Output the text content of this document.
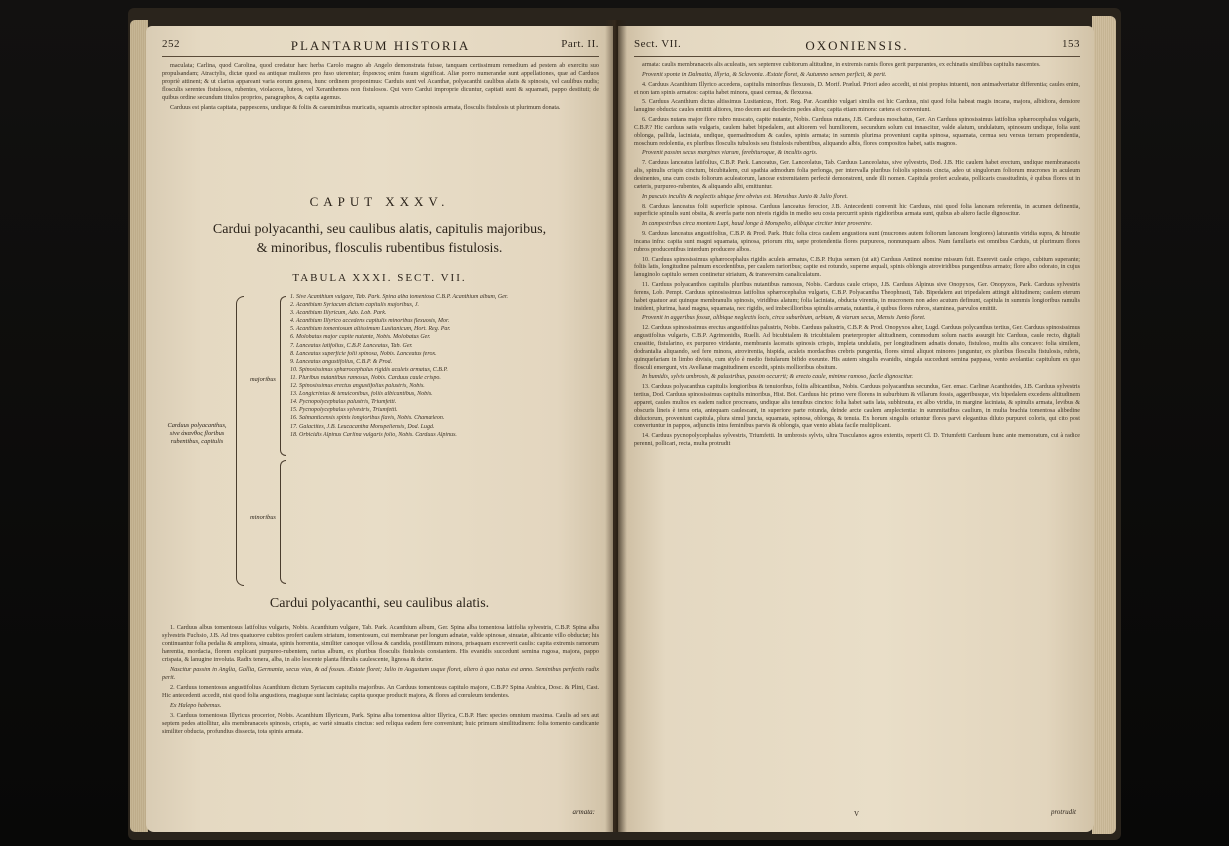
252	PLANTARUM HISTORIA	Part. II.

maculata; Carlina, quod Carolina, quod credatur hæc herba Carolo magno ab Angelo demonstrata fuisse, tanquam certissimum remedium ad pestem ab exercitu suo propulsandam; Atractylis, dictæ quod ea antiquæ mulieres pro fuso uterentur; ἄτρακτος enim fusum significat. Aliæ porro numerandæ sunt appellationes, quæ ad Carduos propriè attinent; & ut clarius appareant varia eorum genera, hunc ordinem proponimus: Carduis sunt vel Acanthæ, polyacanthi caulibus alatis & spinosis, vel caulibus nudis; flosculis serentes fistulosos, rubentes, violaceos, luteos, vel Xeranthemos non fistulosos. Qui vero Cardui improprie dicuntur, capitati sunt & squamati, pappo destituti; de quibus ordine secundum titulos proprios, paragraphos, & capita agemus.

Carduus est planta capitata, pappescens, undique & foliis & caeuminibus muricatis, squamis atrociter spinosis armata, flosculis fistulosis ut plurimum donata.

CAPUT XXXV.
Cardui polyacanthi, seu caulibus alatis, capitulis majoribus,
& minoribus, flosculis rubentibus fistulosis.
TABULA XXXI. SECT. VII.
Carduus polyacanthus, sive ἀκανθος floribus rubentibus, capitulis
majoribus
minoribus
1. Sive Acanthium vulgare, Tab. Park. Spina alba tomentosa C.B.P. Acanthium album, Ger.
2. Acanthium Syriacum dictum capitulis majoribus, J.
3. Acanthium Illyricum, Ado. Lob. Park.
4. Acanthium Illyrico accedens capitulis minoribus flexuosis, Mor.
5. Acanthium tomentosum altissimum Lusitanicum, Hort. Reg. Par.
6. Molobatus major capite nutante, Nobis. Molobatus Ger.
7. Lanceatus latifolius, C.B.P. Lanceatus, Tab. Ger.
8. Lanceatus superficie folii spinosa, Nobis. Lanceatus ferox.
9. Lanceatus angustifolius, C.B.P. & Prod.
10. Spinosissimus sphærocephalus rigidis aculeis armatus, C.B.P.
11. Pluribus nutantibus ramosus, Nobis. Carduus caule crispo.
12. Spinosissimus erectus angustifolius palustris, Nobis.
13. Longicrinius & tenuiconibus, foliis albicantibus, Nobis.
14. Pycnopolycephalus palustris, Triumfetti.
15. Pycnopolycephalus sylvestris, Triumfetti.
16. Salmanticensis spinis longioribus flavis, Nobis. Chamæleon.
17. Galactites, J.B. Leucacantha Monspeliensis, Dod. Lugd.
18. Orbicidis Alpinus Carlina vulgaris folio, Nobis. Carduus Alpinus.
Cardui polyacanthi, seu caulibus alatis.

1. Carduus albus tomentosus latifolius vulgaris, Nobis. Acanthium vulgare, Tab. Park. Acanthium album, Ger. Spina alba tomentosa latifolia sylvestris, C.B.P. Spina alba sylvestris Fuchsio, J.B. Ad tres quatuorve cubitos profert caulem striatum, tomentosum, cui membranæ per longum adnatæ, valde spinosæ, sinuatæ, albicante villo obductæ; his continuantur folia pedalia & ampliora, sinuata, spinis horrentia, similiter canoque villosa & candida, postillimum minora, prisaquam excreverit caulis: capita extremis ramorum hærentia, mordacia, florem explicant purpureo-rubentem, rarius album, ex pluribus flosculis fistulosis constantem. His evanidis succedunt semina rugosa, majora, pappo crispata, & lanugine involuta. Radix tenera, alba, in alio lescente planta fibrulis caulescente, lignosa & durior.

Nascitur passim in Anglia, Gallia, Germania, secus vias, & ad fossas. Æstate floret; Julio in Augustum usque floret, altero à quo natus est anno. Seminibus perfectis radix perit.

2. Carduus tomentosus angustifolius Acanthium dictum Syriacum capitulis majoribus. An Carduus tomentosus capitulo majore, C.B.P? Spina Arabica, Dosc. & Plini, Cast. Hic antecedenti accedit, nisi quod folia angustiora, magisque sunt laciniata; capita quoque producit majora, & flores ad cœruleum tendentes.

Ex Halepo habemus.

3. Carduus tomentosus Illyricus procerior, Nobis. Acanthium Illyricum, Park. Spina alba tomentosa altior Illyrica, C.B.P. Hæc species omnium maxima. Caulis ad sex aut septem pedes attollitur, alis membranaceis spinosis, crispis, ac variè sinuatis cinctus: sed reliqua eadem fere conveniunt; huic primum similitudinem: folia tomento candicante similiter obducta, profundius dissecta, tota spinis armata.

armata:
Sect. VII.	OXONIENSIS.	153

armata: caulis membranaceis alis aculeatis, sex septemve cubitorum altitudine, in extremis ramis flores gerit purpurantes, ex echinatis similibus capitulis nascentes.

Provenit sponte in Dalmatia, Illyria, & Sclavonia. Æstate floret, & Autumno semen perficit, & perit.

4. Carduus Acanthium Illyrico accedens, capitulis minoribus flexuosis, D. Morif. Prælud. Priori adeo accedit, ut nisi propius intuenti, non animadvertatur differentia; caules enim, et non tam spinis armatos: capita habet minora, quasi cernua, & flexuosa.

5. Carduus Acanthium dictus altissimus Lusitanicus, Hort. Reg. Par. Acanthio vulgari similis est hic Carduus, nisi quod folia habeat magis incana, majora, albidiora, densiore lanugine obducta: caules emittit altiores, imo decem aut duodecim pedes altos; capita etiam minora: cætera ei conveniunt.

6. Carduus nutans major flore rubro muscato, capite nutante, Nobis. Carduus nutans, J.B. Carduus moschatus, Ger. An Carduus spinosissimus latifolius sphærocephalus vulgaris, C.B.P.? Hic carduus satis vulgaris, caulem habet bipedalem, aut altiorem vel humiliorem, secundum solum cui innascitur, valde alatum, undulatum, spinosum undique, folia sunt oblonga, pallida, laciniata, undique, quemadmodum & caules, spinis armata; in summis plurima proveniunt capita spinosa, squamata, cernua seu versus terram propendentia, moschum redolentia, ex pluribus flosculis tubulosis seu fistulosis rubentibus, aliquando albis, flores compositos habet, satis magnos.

Provenit passim secus margines viarum, ferebituroque, & incultis agris.

7. Carduus lanceatus latifolius, C.B.P. Park. Lanceatus, Ger. Lanceolatus, Tab. Carduus Lanceolatus, sive sylvestris, Dod. J.B. Hic caulem habet erectum, undique membranaceis alis, spinulis crispis cinctum, bicubitalem, cui spathia admodum folia perlonga, per intervalla pluribus foliolis spinosis cincta, adeo ut singulorum foliorum mucrones in aculeum desinentes, una cum costis foliorum aculeatorum, lanceæ extremitatem perfectè demonstrent, unde illi nomen. Capitula profert aculeata, pollicaris crassitudinis, è quibus flores ut in cæteris, purpureo-rubentes, & aliquando albi, emittuntur.

In pascuis incultis & neglectis ubique fere obvius est. Mensibus Junio & Julio floret.

8. Carduus lanceatus folii superficie spinosa. Carduus lanceatus ferocior, J.B. Antecedenti convenit hic Carduus, nisi quod folia lanceam referentia, in acumen definentia, superficie spinulis sunt obsita, & averfa parte non niveis rigidis in medio seu costa percurrit spinis rigidioribus armata sunt, quibus ab altero facile dignoscitur.

In campestribus circa montem Lupi, haud longe à Monspelio, alibique circiter inter provenire.

9. Carduus lanceatus angustifolius, C.B.P. & Prod. Park. Huic folia circa caulem angustiora sunt (mucrones autem foliorum lanceam longiores) laturantis viridia supra, & hirsutie incana infra: capita sunt magni squamata, spinosa, priorum ritu, sæpe protendentia flores purpureos, nonnunquam albos. Nam familiaris est omnibus Carduis, ut plurimum flores rubros producentibus interdum producere albos.

10. Carduus spinosissimus sphærocephalus rigidis aculeis armatus, C.B.P. Hujus semen (ut ait) Carduus Antinoi nomine missum fuit. Exerevit caule crispo, cubitum superante; foliis latis, longitudine palmum excedentibus, per caulem rarioribus; capite est rotundo, superne æquali, spinis oblongis atroviridibus pungentibus armato; flore albo odorato, in cujus lanuginolo capitulo semen continetur striatum, & transversim canaliculatum.

11. Carduus polyacanthos capitulis pluribus nutantibus ramosus, Nobis. Carduus caule crispo, J.B. Carduus Alpinus sive Onopyxos, Ger. Onopyxos, Park. Carduus sylvestris ferens, Lob. Pempt. Carduus spinosissimus latifolius sphærocephalus vulgaris, C.B.P. Polyacantha Theophrasti, Tab. Bipedalem aut tripedalem attingit altitudinem; caulem eterum habet quatuor aut quinque membranulis spinosis, viridibus alatum; folia laciniata, obducta virentia, in mucronem non adeo acutum definunt, capitula in summis longioribus ramulis insident, plurima, haud magna, squamata, nec rigidis, sed imbecillioribus spinulis armata, nutantia, è quibus flores rubros, staminea, parvulos emittit.

Provenit in aggeribus fossæ, alibique neglectis locis, circa suburbium, urbium, & viarum secus, Mensis Junio floret.

12. Carduus spinosissimus erectus angustifolius palustris, Nobis. Carduus palustris, C.B.P. & Prod. Onopyxos alter, Lugd. Carduus polycanthus tertius, Ger. Carduus spinosissimus angustifolius vulgaris, C.B.P. Agrimonidis, Ruelli. Ad bicubitalem & tricubitalem præterpropter altitudinem, commodum solum nactis assurgit hic Carduus, caule recto, digitali crassitie, fistularino, ex purpureo viridante, membranis laceratis spinosis crispis, impleta undulatis, per longitudinem adnatis donato, fistuloso, multis alis concavo: folia similem, dodrantalia aliquando, sed fere minora, atrovirentia, hispida, aculeis mordacibus crebris pungentia, flores simul aliquot minores junguntur, ex pluribus flosculis fistulosis, rubris, quinquefariam in limbo divisis, cum stylo è medio fistularum bifido exeunte. His autem singulis evanidis, singula succedunt semina pappasa, vento avolantia: capitulum ex quo flosculi emergunt, vix Avellanæ magnitudinem excedit, spinis mollioribus obsitum.

In humidis, sylvis umbrosis, & palustribus, passim occurrit; & erecto caule, minime ramoso, facile dignoscitur.

13. Carduus polyacanthus capitulis longioribus & tenuioribus, foliis albicantibus, Nobis. Carduus polyacanthus secundus, Ger. emac. Carlinæ Acanthoides, J.B. Carduus sylvestris tertius, Dod. Carduus spinosissimus capitulis minoribus, Hist. Bot. Carduus hic primo vere florens in suburbium & villarum fossis, aggeribusque, vix bipedalem excedens altitudinem apparet, caules multos ex eadem radice procreans, undique alis tenuibus cinctos: folia habet satis lata, subhirsuta, ex albo viridia, in margine laciniata, & spinulis armata, levibus & obscuris lineis è terra orta, antequam caulescant, in superiore parte rotunda, deinde arcte caulem amplectentia: in summitatibus caulium, in multa brachia tomentosa alibedine diductorum, proveniunt capitula, plura simul juncta, squamata, spinosa, oblonga, & tenuia. Ex horum singulis oriuntur flores parvi elegantius diluto purpurei coloris, qui cito post convertuntur in pappos, adjunctis intra feminibus parvis & oblongis, quæ vento ablata facile multiplicant.

14. Carduus pycnopolycephalus sylvestris, Triumfetti. In umbrosis sylvis, ultra Tusculanos agros extentis, reperit Cl. D. Triumfetti Carduum hunc ante memoratum, cui à radice perenni, pollicari, recta, multa protrudit

V	protrudit
